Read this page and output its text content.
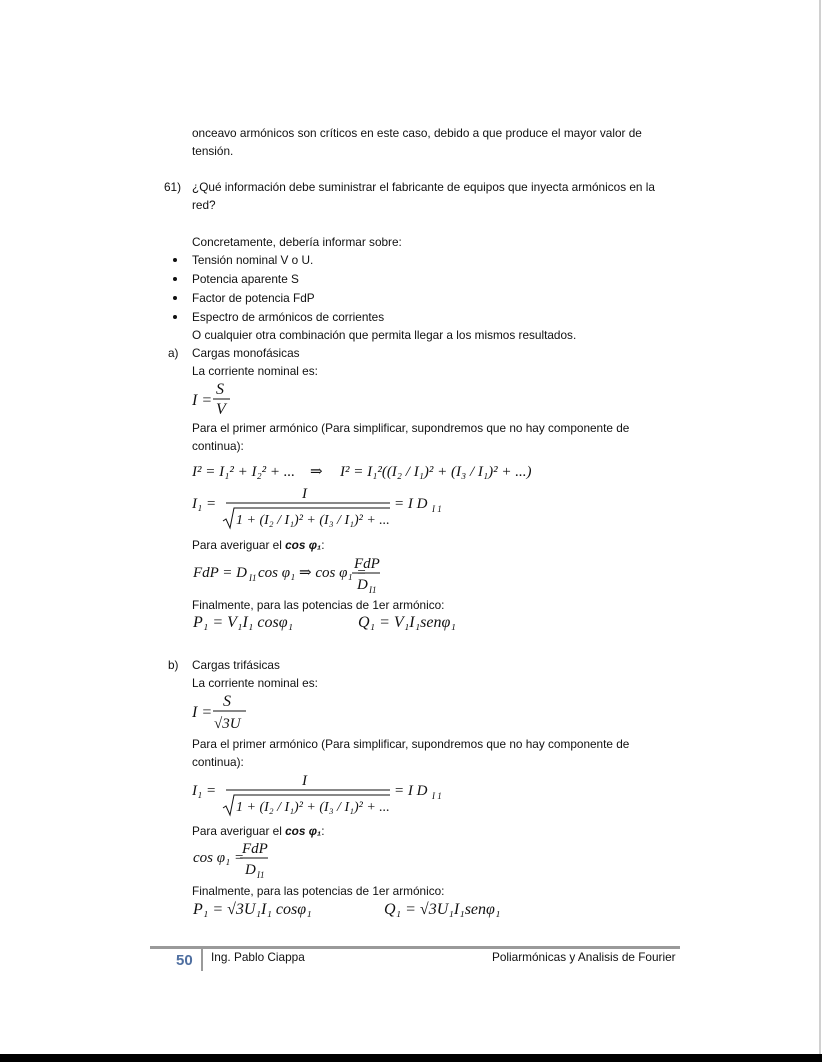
onceavo armónicos son críticos en este caso, debido a que produce el mayor valor de
tensión.
61) ¿Qué información debe suministrar el fabricante de equipos que inyecta armónicos en la
red?
Concretamente, debería informar sobre:
Tensión nominal V o U.
Potencia aparente S
Factor de potencia FdP
Espectro de armónicos de corrientes
O cualquier otra combinación que permita llegar a los mismos resultados.
a) Cargas monofásicas
La corriente nominal es:
I =
S
V
Para el primer armónico (Para simplificar, supondremos que no hay componente de
continua):
I² = I₁² + I₂² + ... ⇒ I² = I₁²((I₂ / I₁)² + (I₃ / I₁)² + ...)
I₁ =
I
1 + (I₂ / I₁)² + (I₃ / I₁)² + ...
= I D I 1
Para averiguar el cos φ₁:
FdP = D I1 cos φ₁ ⇒ cos φ₁ =
FdP
D I1
Finalmente, para las potencias de 1er armónico:
P₁ = V₁I₁ cosφ₁	Q₁ = V₁I₁senφ₁
b) Cargas trifásicas
La corriente nominal es:
I =
S
√3U
Para el primer armónico (Para simplificar, supondremos que no hay componente de
continua):
I₁ =
I
1 + (I₂ / I₁)² + (I₃ / I₁)² + ...
= I D I 1
Para averiguar el cos φ₁:
cos φ₁ =
FdP
D I1
Finalmente, para las potencias de 1er armónico:
P₁ = √3U₁I₁ cosφ₁	Q₁ = √3U₁I₁senφ₁
50 Ing. Pablo Ciappa	Poliarmónicas y Analisis de Fourier
